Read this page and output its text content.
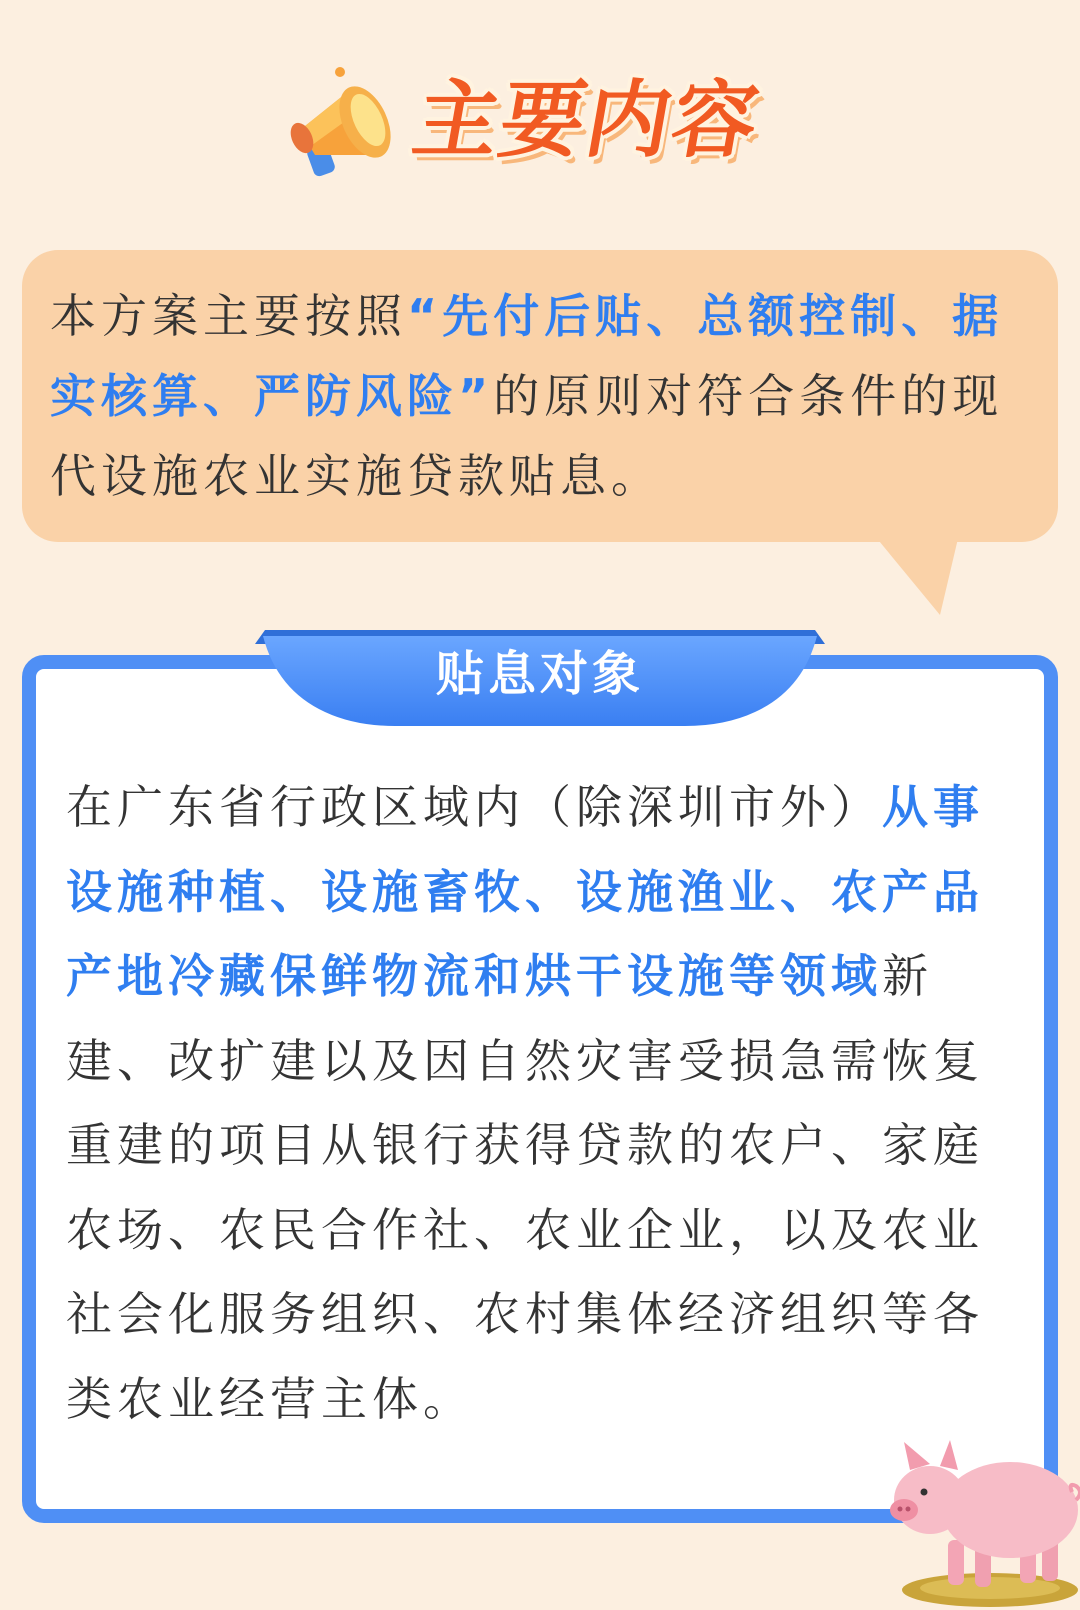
主要内容

本方案主要按照“先付后贴、总额控制、据实核算、严防风险”的原则对符合条件的现代设施农业实施贷款贴息。

贴息对象

在广东省行政区域内（除深圳市外）从事设施种植、设施畜牧、设施渔业、农产品产地冷藏保鲜物流和烘干设施等领域新建、改扩建以及因自然灾害受损急需恢复重建的项目从银行获得贷款的农户、家庭农场、农民合作社、农业企业，以及农业社会化服务组织、农村集体经济组织等各类农业经营主体。
